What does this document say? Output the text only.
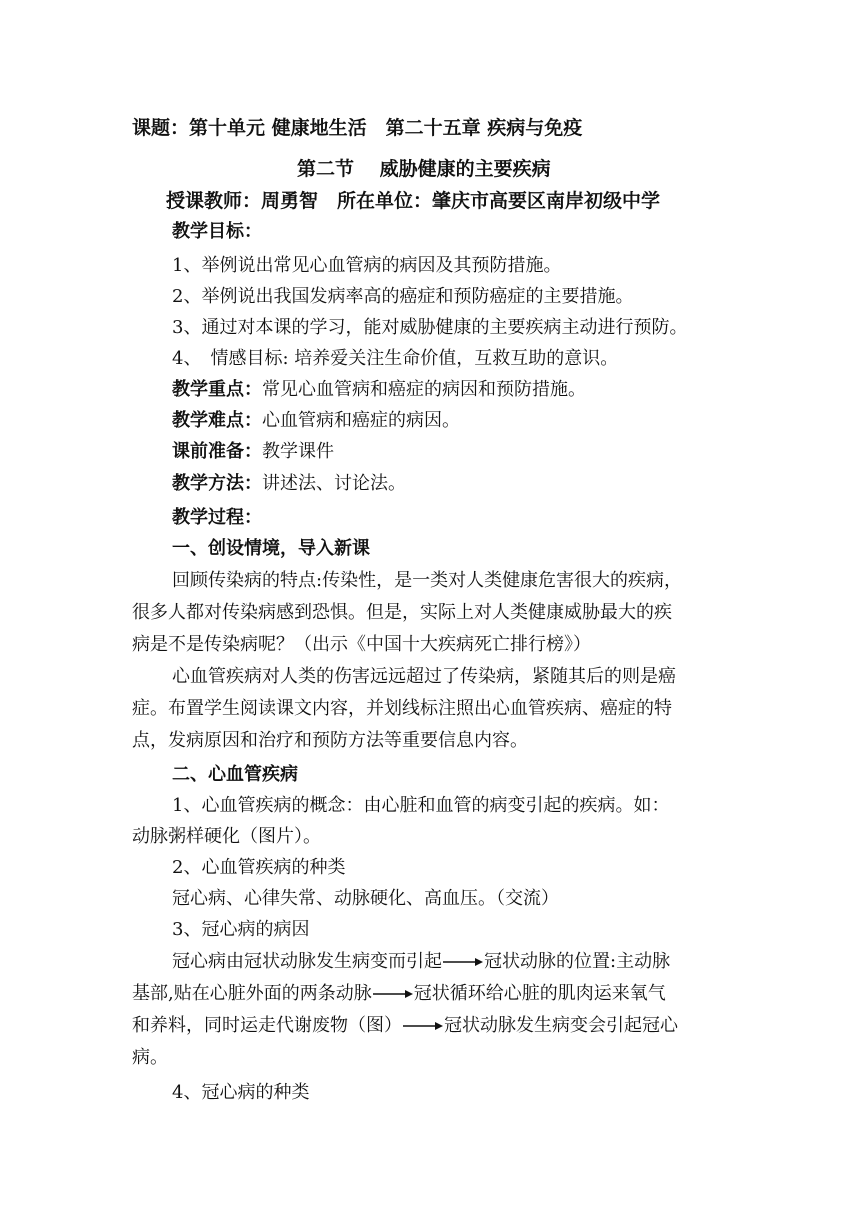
课题：第十单元 健康地生活　第二十五章 疾病与免疫
第二节　 威胁健康的主要疾病
授课教师：周勇智　所在单位：肇庆市高要区南岸初级中学
教学目标：
1、举例说出常见心血管病的病因及其预防措施。
2、举例说出我国发病率高的癌症和预防癌症的主要措施。
3、通过对本课的学习，能对威胁健康的主要疾病主动进行预防。
4、　情感目标: 培养爱关注生命价值，互救互助的意识。
教学重点：常见心血管病和癌症的病因和预防措施。
教学难点：心血管病和癌症的病因。
课前准备：教学课件
教学方法：讲述法、讨论法。
教学过程：
一、创设情境，导入新课
回顾传染病的特点:传染性，是一类对人类健康危害很大的疾病，
很多人都对传染病感到恐惧。但是，实际上对人类健康威胁最大的疾
病是不是传染病呢？（出示《中国十大疾病死亡排行榜》）
心血管疾病对人类的伤害远远超过了传染病，紧随其后的则是癌
症。布置学生阅读课文内容，并划线标注照出心血管疾病、癌症的特
点，发病原因和治疗和预防方法等重要信息内容。
二、心血管疾病
1、心血管疾病的概念：由心脏和血管的病变引起的疾病。如：
动脉粥样硬化（图片）。
2、心血管疾病的种类
冠心病、心律失常、动脉硬化、高血压。（交流）
3、冠心病的病因
冠心病由冠状动脉发生病变而引起 冠状动脉的位置:主动脉
基部,贴在心脏外面的两条动脉 冠状循环给心脏的肌肉运来氧气
和养料，同时运走代谢废物（图） 冠状动脉发生病变会引起冠心
病。
4、冠心病的种类
